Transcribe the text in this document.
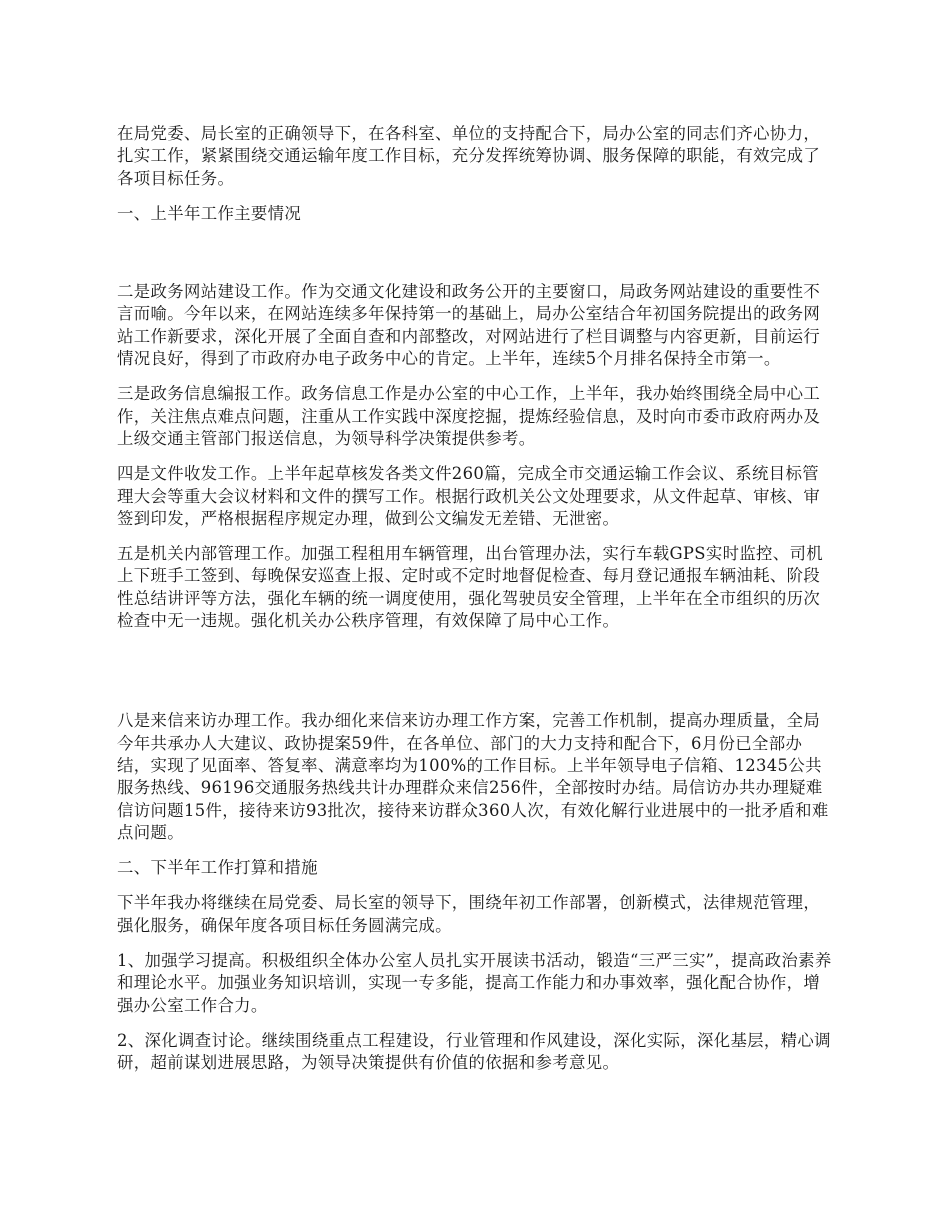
在局党委、局长室的正确领导下，在各科室、单位的支持配合下，局办公室的同志们齐心协力，扎实工作，紧紧围绕交通运输年度工作目标，充分发挥统筹协调、服务保障的职能，有效完成了各项目标任务。

一、上半年工作主要情况

二是政务网站建设工作。作为交通文化建设和政务公开的主要窗口，局政务网站建设的重要性不言而喻。今年以来，在网站连续多年保持第一的基础上，局办公室结合年初国务院提出的政务网站工作新要求，深化开展了全面自查和内部整改，对网站进行了栏目调整与内容更新，目前运行情况良好，得到了市政府办电子政务中心的肯定。上半年，连续5个月排名保持全市第一。

三是政务信息编报工作。政务信息工作是办公室的中心工作，上半年，我办始终围绕全局中心工作，关注焦点难点问题，注重从工作实践中深度挖掘，提炼经验信息，及时向市委市政府两办及上级交通主管部门报送信息，为领导科学决策提供参考。

四是文件收发工作。上半年起草核发各类文件260篇，完成全市交通运输工作会议、系统目标管理大会等重大会议材料和文件的撰写工作。根据行政机关公文处理要求，从文件起草、审核、审签到印发，严格根据程序规定办理，做到公文编发无差错、无泄密。

五是机关内部管理工作。加强工程租用车辆管理，出台管理办法，实行车载GPS实时监控、司机上下班手工签到、每晚保安巡查上报、定时或不定时地督促检查、每月登记通报车辆油耗、阶段性总结讲评等方法，强化车辆的统一调度使用，强化驾驶员安全管理，上半年在全市组织的历次检查中无一违规。强化机关办公秩序管理，有效保障了局中心工作。

八是来信来访办理工作。我办细化来信来访办理工作方案，完善工作机制，提高办理质量，全局今年共承办人大建议、政协提案59件，在各单位、部门的大力支持和配合下，6月份已全部办结，实现了见面率、答复率、满意率均为100%的工作目标。上半年领导电子信箱、12345公共服务热线、96196交通服务热线共计办理群众来信256件，全部按时办结。局信访办共办理疑难信访问题15件，接待来访93批次，接待来访群众360人次，有效化解行业进展中的一批矛盾和难点问题。

二、下半年工作打算和措施

下半年我办将继续在局党委、局长室的领导下，围绕年初工作部署，创新模式，法律规范管理，强化服务，确保年度各项目标任务圆满完成。

1、加强学习提高。积极组织全体办公室人员扎实开展读书活动，锻造“三严三实”，提高政治素养和理论水平。加强业务知识培训，实现一专多能，提高工作能力和办事效率，强化配合协作，增强办公室工作合力。

2、深化调查讨论。继续围绕重点工程建设，行业管理和作风建设，深化实际，深化基层，精心调研，超前谋划进展思路，为领导决策提供有价值的依据和参考意见。
